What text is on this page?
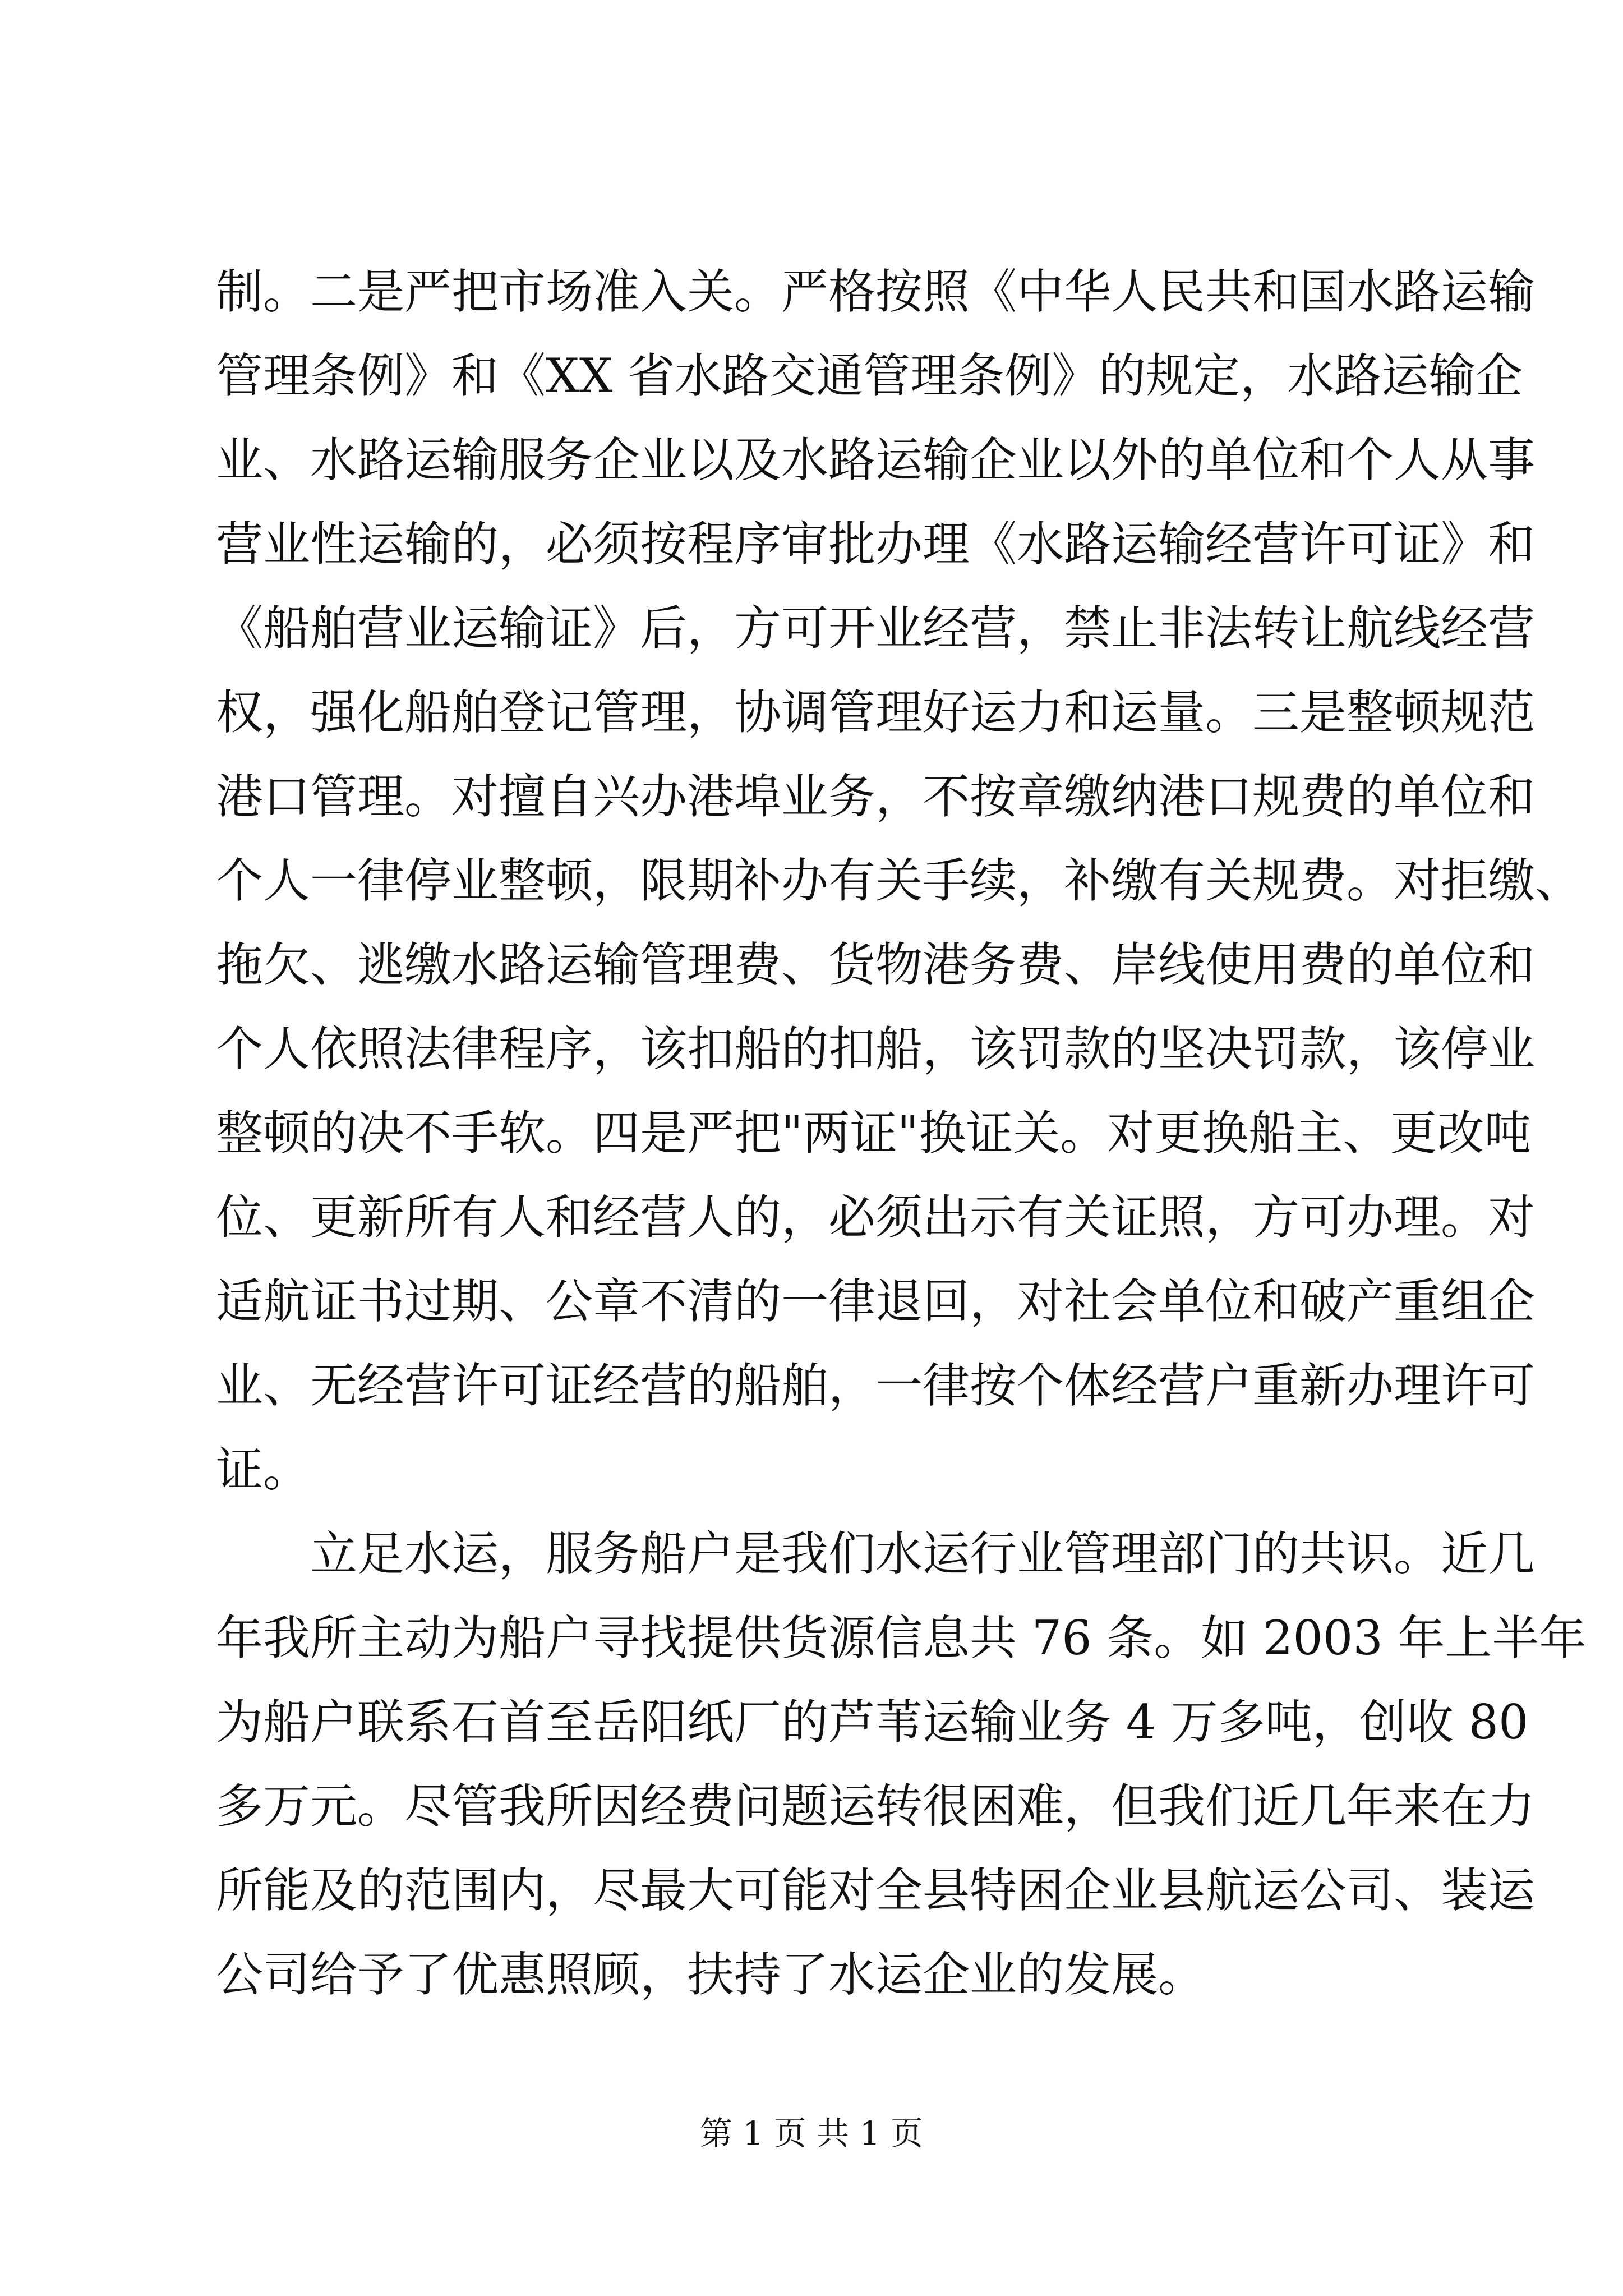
制。二是严把市场准入关。严格按照《中华人民共和国水路运输
管理条例》和《XX 省水路交通管理条例》的规定，水路运输企
业、水路运输服务企业以及水路运输企业以外的单位和个人从事
营业性运输的，必须按程序审批办理《水路运输经营许可证》和
《船舶营业运输证》后，方可开业经营，禁止非法转让航线经营
权，强化船舶登记管理，协调管理好运力和运量。三是整顿规范
港口管理。对擅自兴办港埠业务，不按章缴纳港口规费的单位和
个人一律停业整顿，限期补办有关手续，补缴有关规费。对拒缴、
拖欠、逃缴水路运输管理费、货物港务费、岸线使用费的单位和
个人依照法律程序，该扣船的扣船，该罚款的坚决罚款，该停业
整顿的决不手软。四是严把"两证"换证关。对更换船主、更改吨
位、更新所有人和经营人的，必须出示有关证照，方可办理。对
适航证书过期、公章不清的一律退回，对社会单位和破产重组企
业、无经营许可证经营的船舶，一律按个体经营户重新办理许可
证。
立足水运，服务船户是我们水运行业管理部门的共识。近几
年我所主动为船户寻找提供货源信息共 76 条。如 2003 年上半年
为船户联系石首至岳阳纸厂的芦苇运输业务 4 万多吨，创收 80
多万元。尽管我所因经费问题运转很困难，但我们近几年来在力
所能及的范围内，尽最大可能对全县特困企业县航运公司、装运
公司给予了优惠照顾，扶持了水运企业的发展。
第 1 页 共 1 页
